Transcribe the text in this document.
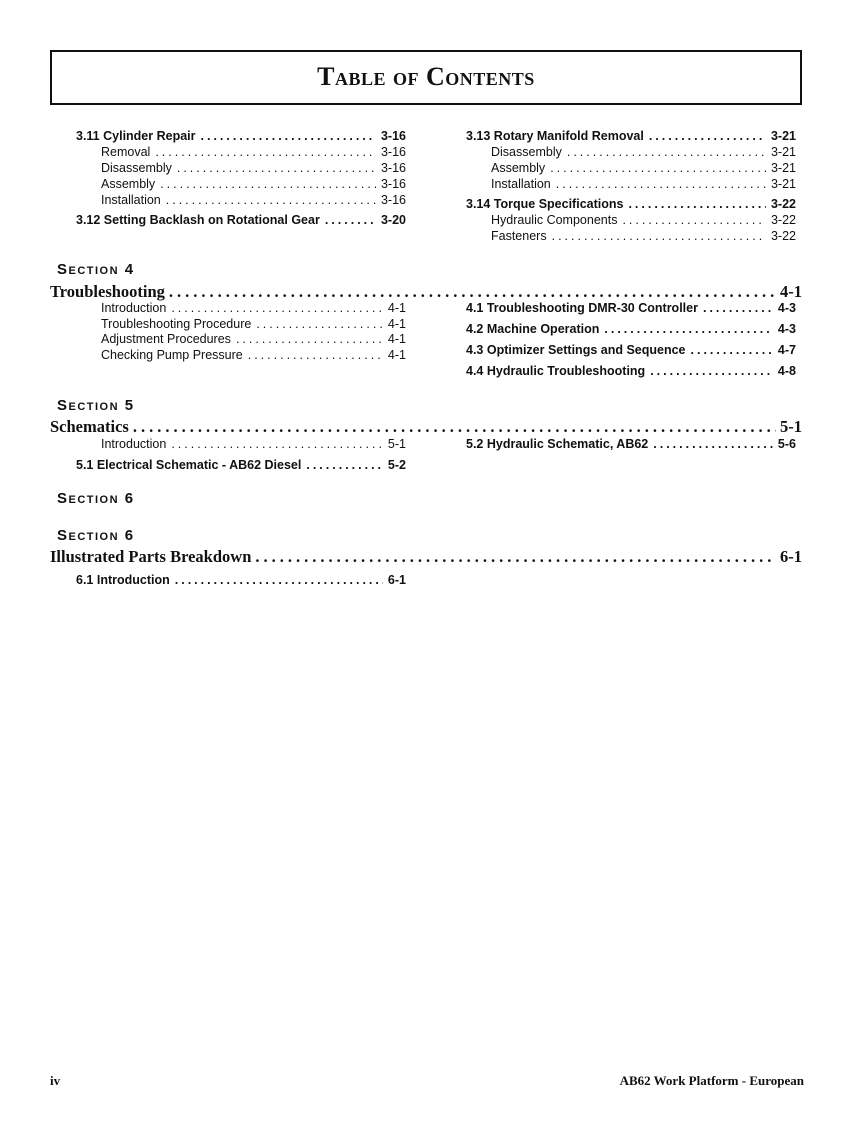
Table of Contents
3.11 Cylinder Repair .....	3-16
Removal .....	3-16
Disassembly .....	3-16
Assembly .....	3-16
Installation .....	3-16
3.12 Setting Backlash on Rotational Gear .....	3-20
3.13 Rotary Manifold Removal .....	3-21
Disassembly .....	3-21
Assembly .....	3-21
Installation .....	3-21
3.14 Torque Specifications .....	3-22
Hydraulic Components .....	3-22
Fasteners .....	3-22
Section 4
Troubleshooting .....	4-1
Introduction .....	4-1
Troubleshooting Procedure .....	4-1
Adjustment Procedures .....	4-1
Checking Pump Pressure .....	4-1
4.1 Troubleshooting DMR-30 Controller .....	4-3
4.2 Machine Operation .....	4-3
4.3 Optimizer Settings and Sequence .....	4-7
4.4 Hydraulic Troubleshooting .....	4-8
Section 5
Schematics .....	5-1
Introduction .....	5-1
5.1 Electrical Schematic - AB62 Diesel .....	5-2
5.2 Hydraulic Schematic, AB62 .....	5-6
Section 6
Section 6
Illustrated Parts Breakdown .....	6-1
6.1 Introduction .....	6-1
iv	AB62 Work Platform - European
